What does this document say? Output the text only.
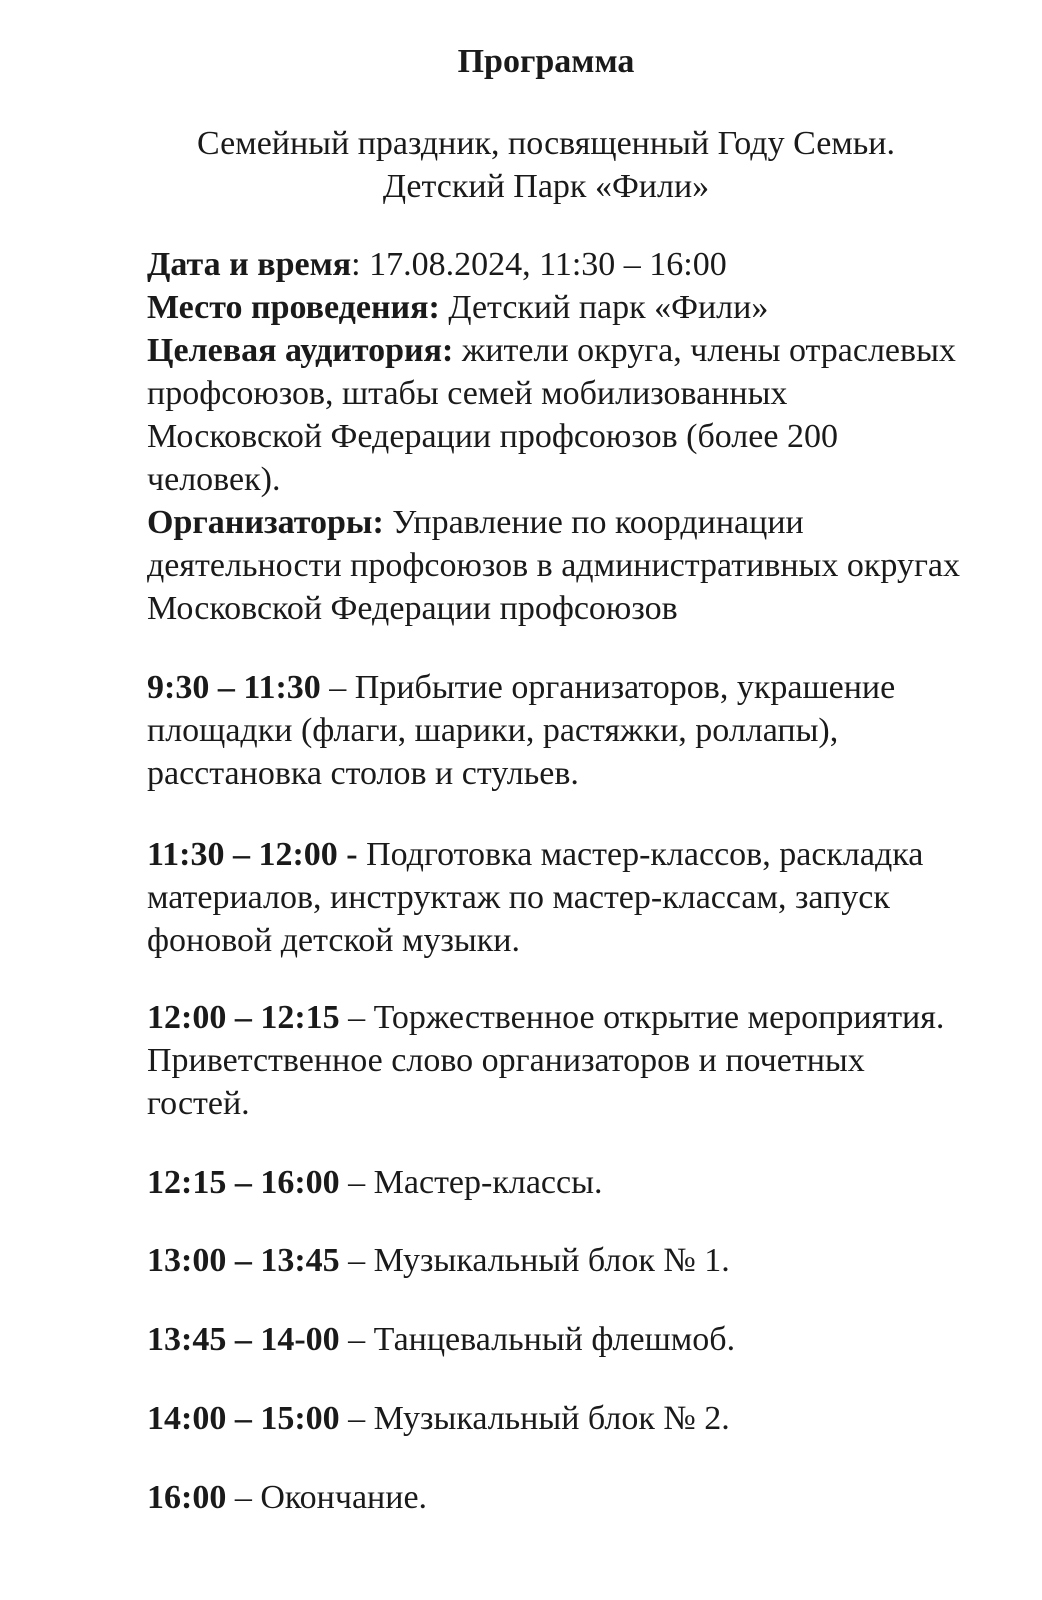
Программа
Семейный праздник, посвященный Году Семьи.
Детский Парк «Фили»

Дата и время: 17.08.2024, 11:30 – 16:00

Место проведения: Детский парк «Фили»

Целевая аудитория: жители округа, члены отраслевых профсоюзов, штабы семей мобилизованных Московской Федерации профсоюзов (более 200 человек).

Организаторы: Управление по координации деятельности профсоюзов в административных округах Московской Федерации профсоюзов

9:30 – 11:30 – Прибытие организаторов, украшение площадки (флаги, шарики, растяжки, роллапы), расстановка столов и стульев.

11:30 – 12:00 - Подготовка мастер-классов, раскладка материалов, инструктаж по мастер-классам, запуск фоновой детской музыки.

12:00 – 12:15 – Торжественное открытие мероприятия. Приветственное слово организаторов и почетных гостей.

12:15 – 16:00 – Мастер-классы.

13:00 – 13:45 – Музыкальный блок № 1.

13:45 – 14-00 – Танцевальный флешмоб.

14:00 – 15:00 – Музыкальный блок № 2.

16:00 – Окончание.
